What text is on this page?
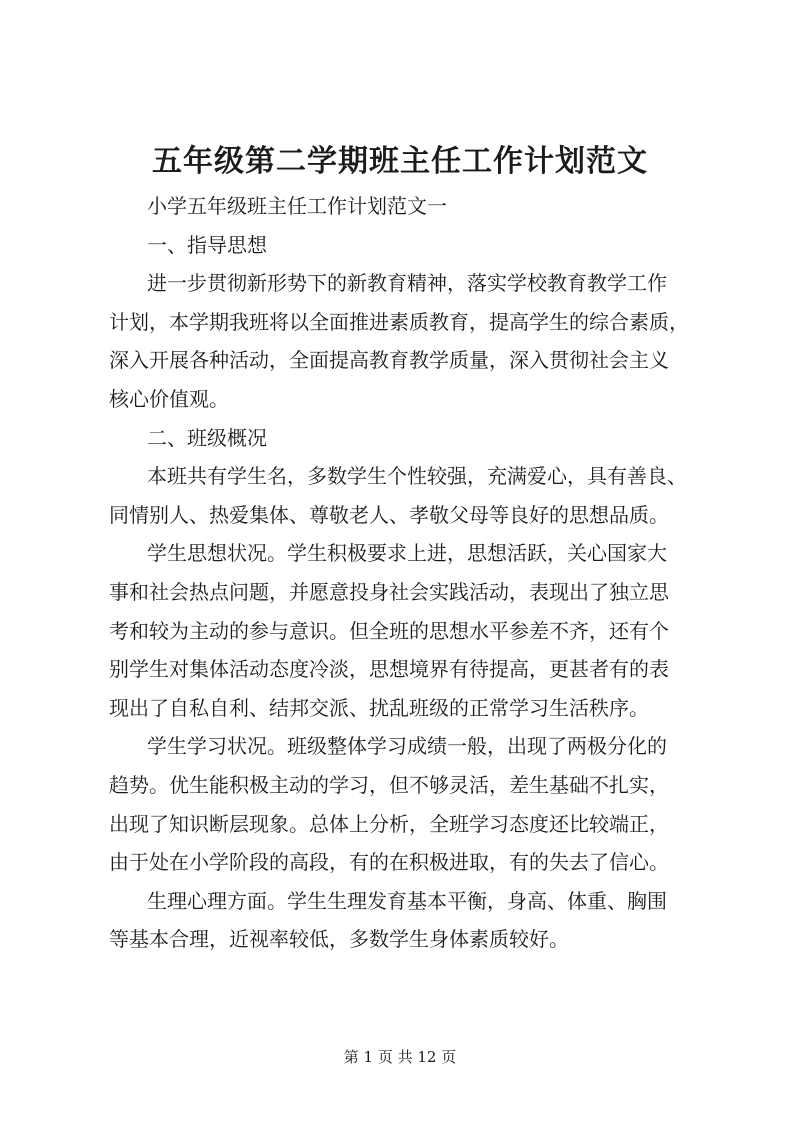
五年级第二学期班主任工作计划范文
小学五年级班主任工作计划范文一
一、指导思想
进一步贯彻新形势下的新教育精神，落实学校教育教学工作
计划，本学期我班将以全面推进素质教育，提高学生的综合素质，
深入开展各种活动，全面提高教育教学质量，深入贯彻社会主义
核心价值观。
二、班级概况
本班共有学生名，多数学生个性较强，充满爱心，具有善良、
同情别人、热爱集体、尊敬老人、孝敬父母等良好的思想品质。
学生思想状况。学生积极要求上进，思想活跃，关心国家大
事和社会热点问题，并愿意投身社会实践活动，表现出了独立思
考和较为主动的参与意识。但全班的思想水平参差不齐，还有个
别学生对集体活动态度冷淡，思想境界有待提高，更甚者有的表
现出了自私自利、结邦交派、扰乱班级的正常学习生活秩序。
学生学习状况。班级整体学习成绩一般，出现了两极分化的
趋势。优生能积极主动的学习，但不够灵活，差生基础不扎实，
出现了知识断层现象。总体上分析，全班学习态度还比较端正，
由于处在小学阶段的高段，有的在积极进取，有的失去了信心。
生理心理方面。学生生理发育基本平衡，身高、体重、胸围
等基本合理，近视率较低，多数学生身体素质较好。
第 1 页 共 12 页
